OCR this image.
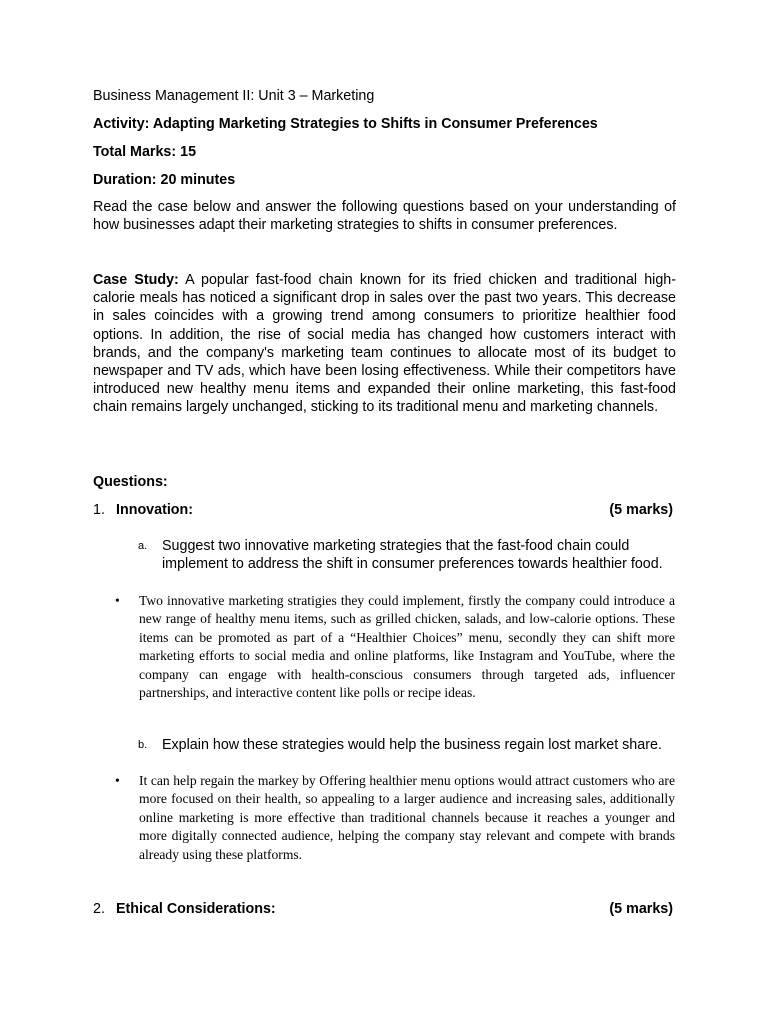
Business Management II: Unit 3 – Marketing

Activity: Adapting Marketing Strategies to Shifts in Consumer Preferences

Total Marks: 15

Duration: 20 minutes

Read the case below and answer the following questions based on your understanding of how businesses adapt their marketing strategies to shifts in consumer preferences.

Case Study: A popular fast-food chain known for its fried chicken and traditional high-calorie meals has noticed a significant drop in sales over the past two years. This decrease in sales coincides with a growing trend among consumers to prioritize healthier food options. In addition, the rise of social media has changed how customers interact with brands, and the company's marketing team continues to allocate most of its budget to newspaper and TV ads, which have been losing effectiveness. While their competitors have introduced new healthy menu items and expanded their online marketing, this fast-food chain remains largely unchanged, sticking to its traditional menu and marketing channels.

Questions:

1. Innovation:	(5 marks)
a.	Suggest two innovative marketing strategies that the fast-food chain could implement to address the shift in consumer preferences towards healthier food.
•	Two innovative marketing stratigies they could implement, firstly the company could introduce a new range of healthy menu items, such as grilled chicken, salads, and low-calorie options. These items can be promoted as part of a “Healthier Choices” menu, secondly they can shift more marketing efforts to social media and online platforms, like Instagram and YouTube, where the company can engage with health-conscious consumers through targeted ads, influencer partnerships, and interactive content like polls or recipe ideas.
b.	Explain how these strategies would help the business regain lost market share.
•	It can help regain the markey by Offering healthier menu options would attract customers who are more focused on their health, so appealing to a larger audience and increasing sales, additionally online marketing is more effective than traditional channels because it reaches a younger and more digitally connected audience, helping the company stay relevant and compete with brands already using these platforms.
2. Ethical Considerations:	(5 marks)
